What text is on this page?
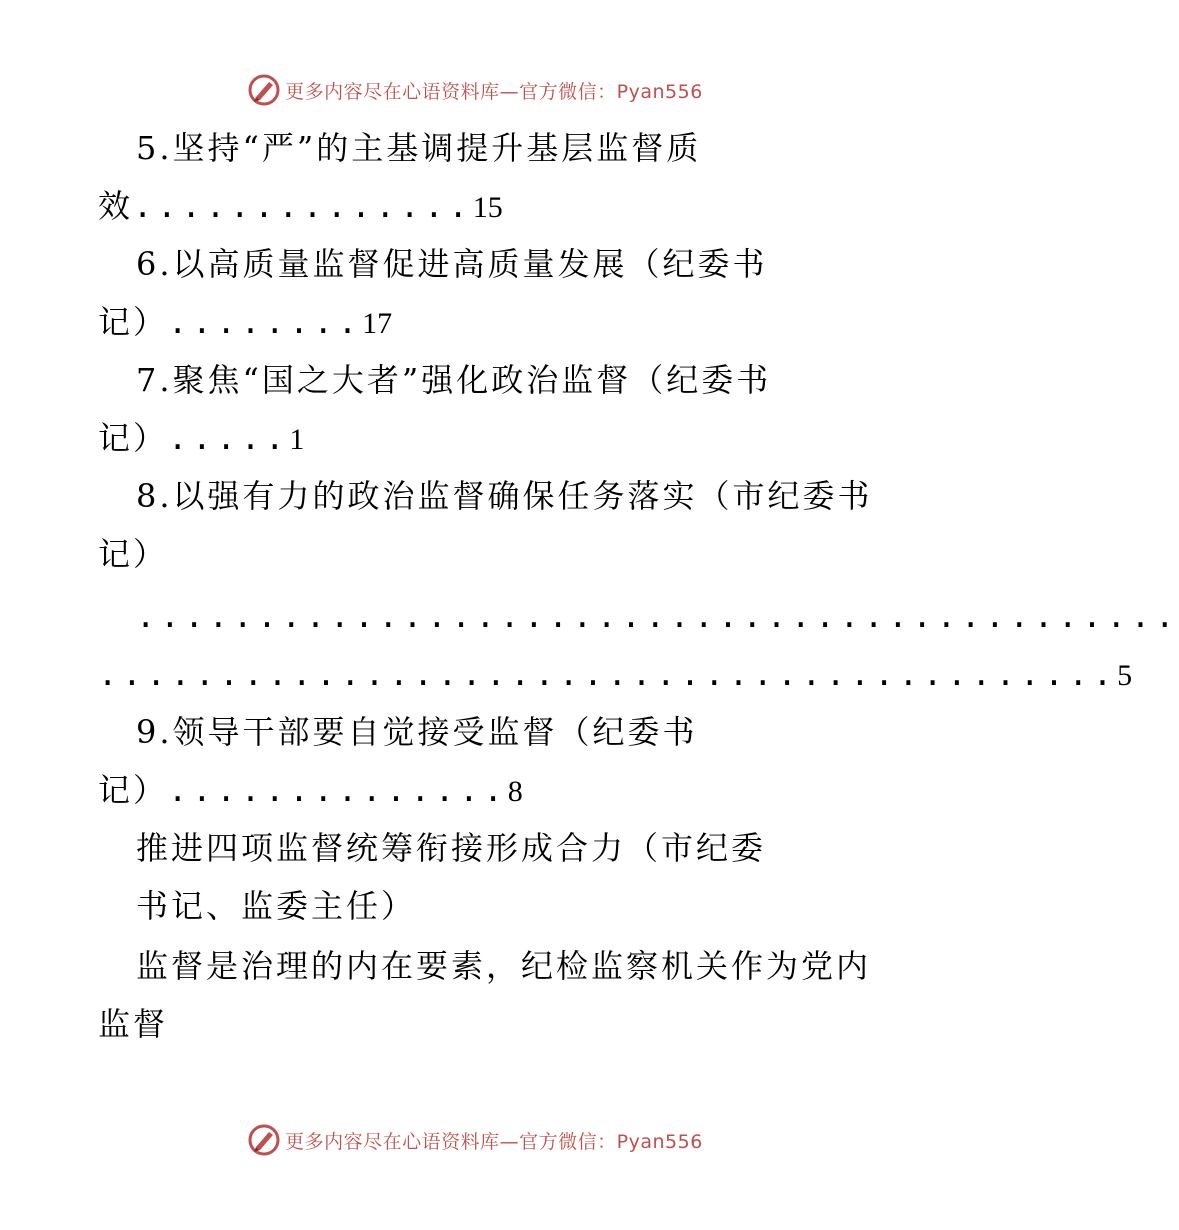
更多内容尽在心语资料库—官方微信：Pyan556
5.坚持“严”的主基调提升基层监督质
效..............15
6.以高质量监督促进高质量发展（纪委书
记）........17
7.聚焦“国之大者”强化政治监督（纪委书
记）.....1
8.以强有力的政治监督确保任务落实（市纪委书
记）
...........................................
..........................................5
9.领导干部要自觉接受监督（纪委书
记）..............8
推进四项监督统筹衔接形成合力（市纪委
书记、监委主任）
监督是治理的内在要素，纪检监察机关作为党内
监督
更多内容尽在心语资料库—官方微信：Pyan556
